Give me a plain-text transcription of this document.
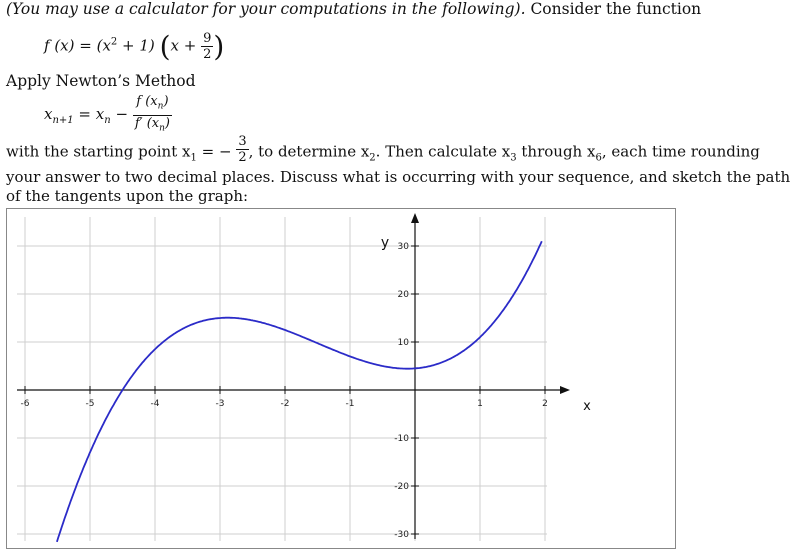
(You may use a calculator for your computations in the following). Consider the function
f $(x) = (x^2 + 1) (x + \frac{9}{2}$ )
Apply Newton’s Method
$x_{n+1} = x_n - \frac{f (x_n)}{f' (x_n)}$
with the starting point $x_1$ = − $\frac{3}{2}$ , to determine $x_2$. Then calculate $x_3$ through $x_6$, each time rounding
your answer to two decimal places. Discuss what is occurring with your sequence, and sketch the path
of the tangents upon the graph:
-6	-5	-4	-3	-2	-1	1	2
30
20
10
-10
-20
-30
x
y
